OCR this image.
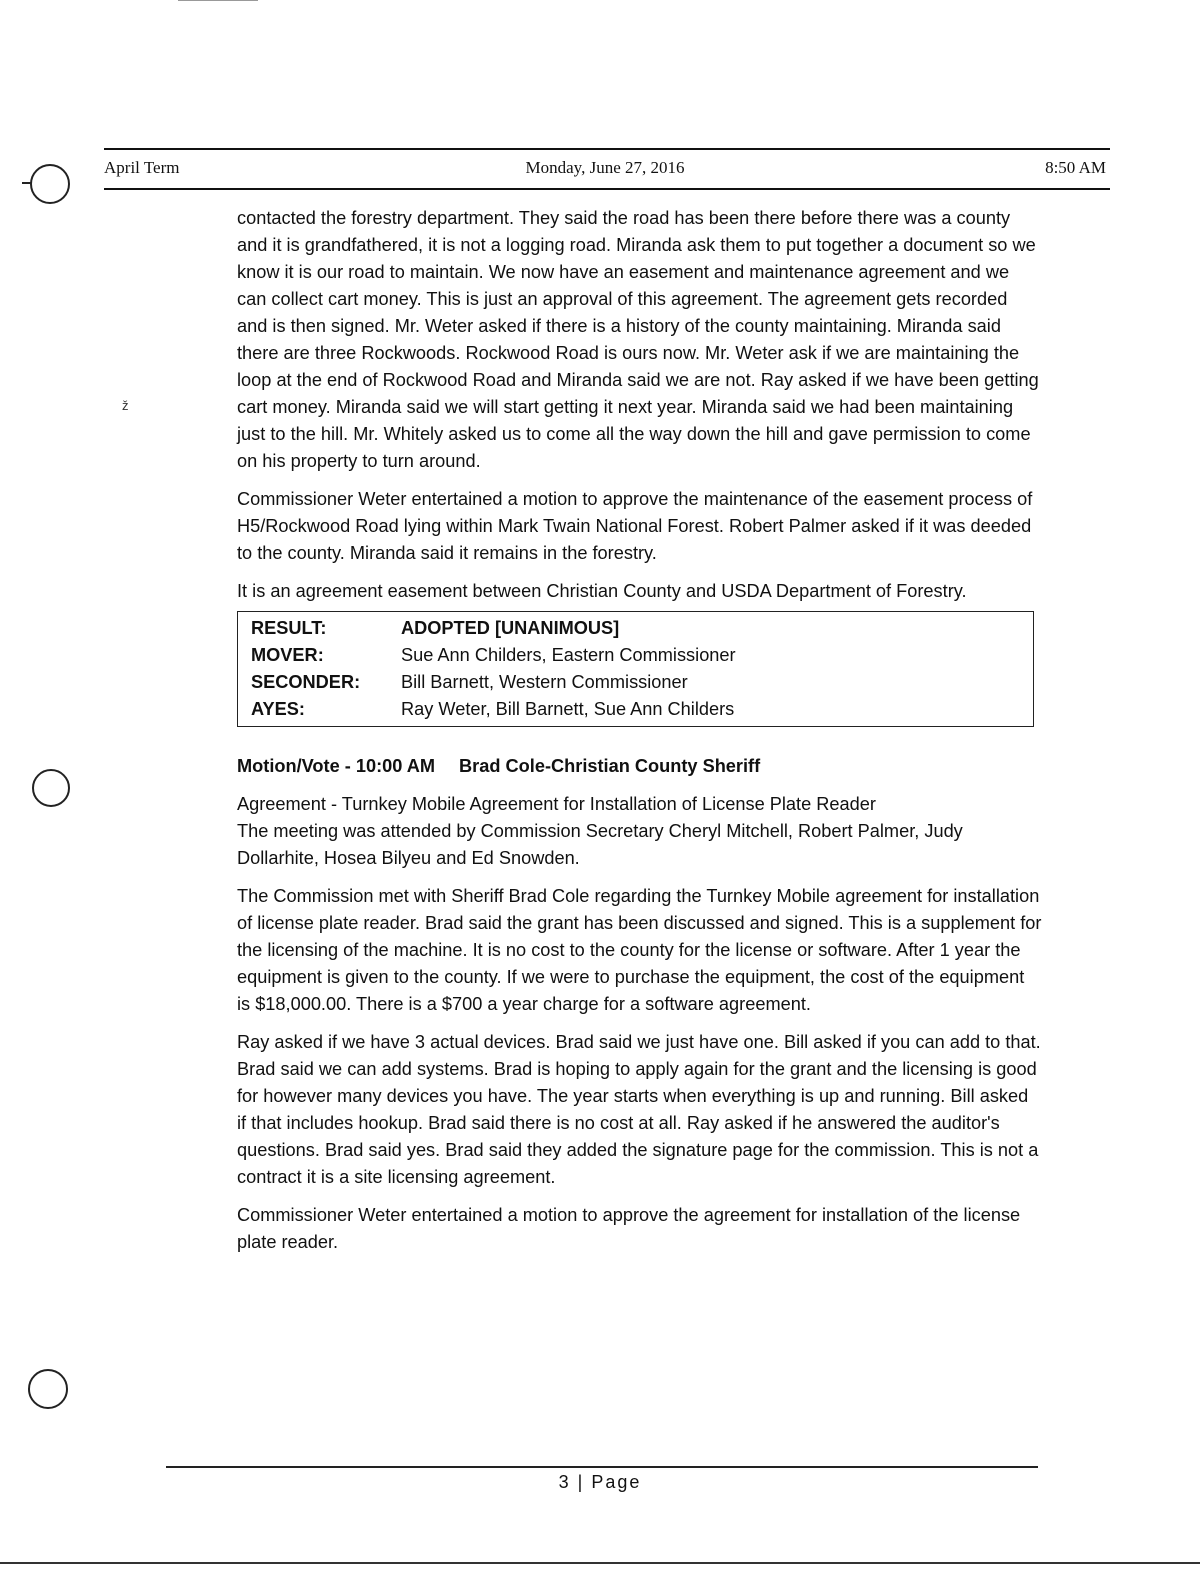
April Term	Monday, June 27, 2016	8:50 AM
ž

contacted the forestry department. They said the road has been there before there was a county and it is grandfathered, it is not a logging road. Miranda ask them to put together a document so we know it is our road to maintain. We now have an easement and maintenance agreement and we can collect cart money. This is just an approval of this agreement. The agreement gets recorded and is then signed. Mr. Weter asked if there is a history of the county maintaining. Miranda said there are three Rockwoods. Rockwood Road is ours now. Mr. Weter ask if we are maintaining the loop at the end of Rockwood Road and Miranda said we are not. Ray asked if we have been getting cart money. Miranda said we will start getting it next year. Miranda said we had been maintaining just to the hill. Mr. Whitely asked us to come all the way down the hill and gave permission to come on his property to turn around.

Commissioner Weter entertained a motion to approve the maintenance of the easement process of H5/Rockwood Road lying within Mark Twain National Forest. Robert Palmer asked if it was deeded to the county. Miranda said it remains in the forestry.

It is an agreement easement between Christian County and USDA Department of Forestry.

RESULT:	ADOPTED [UNANIMOUS]
MOVER:	Sue Ann Childers, Eastern Commissioner
SECONDER:	Bill Barnett, Western Commissioner
AYES:	Ray Weter, Bill Barnett, Sue Ann Childers

Motion/Vote - 10:00 AM Brad Cole-Christian County Sheriff

Agreement - Turnkey Mobile Agreement for Installation of License Plate Reader

The meeting was attended by Commission Secretary Cheryl Mitchell, Robert Palmer, Judy Dollarhite, Hosea Bilyeu and Ed Snowden.

The Commission met with Sheriff Brad Cole regarding the Turnkey Mobile agreement for installation of license plate reader. Brad said the grant has been discussed and signed. This is a supplement for the licensing of the machine. It is no cost to the county for the license or software. After 1 year the equipment is given to the county. If we were to purchase the equipment, the cost of the equipment is $18,000.00. There is a $700 a year charge for a software agreement.

Ray asked if we have 3 actual devices. Brad said we just have one. Bill asked if you can add to that. Brad said we can add systems. Brad is hoping to apply again for the grant and the licensing is good for however many devices you have. The year starts when everything is up and running. Bill asked if that includes hookup. Brad said there is no cost at all. Ray asked if he answered the auditor's questions. Brad said yes. Brad said they added the signature page for the commission. This is not a contract it is a site licensing agreement.

Commissioner Weter entertained a motion to approve the agreement for installation of the license plate reader.

3 | Page
